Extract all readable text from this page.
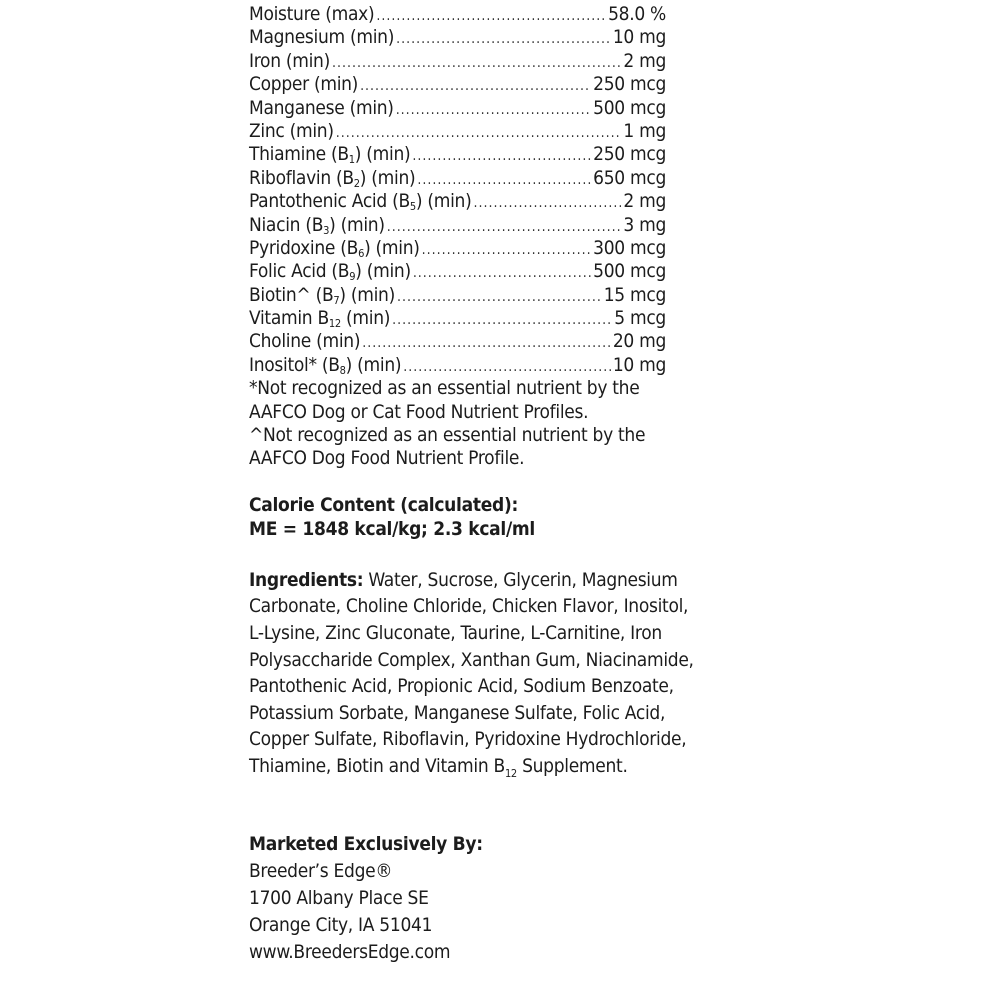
Moisture (max) .....	58.0 %
Magnesium (min) .....	10 mg
Iron (min) .....	2 mg
Copper (min) .....	250 mcg
Manganese (min) .....	500 mcg
Zinc (min) .....	1 mg
Thiamine $(B_1)$ (min) .....	250 mcg
Riboflavin $(B_2)$ (min) .....	650 mcg
Pantothenic Acid $(B_5)$ (min) .....	2 mg
Niacin $(B_3)$ (min) .....	3 mg
Pyridoxine $(B_6)$ (min) .....	300 mcg
Folic Acid $(B_9)$ (min) .....	500 mcg
Biotin^ $(B_7)$ (min) .....	15 mcg
Vitamin $B_{12}$ (min) .....	5 mcg
Choline (min) .....	20 mg
Inositol* $(B_8)$ (min) .....	10 mg
*Not recognized as an essential nutrient by the AAFCO Dog or Cat Food Nutrient Profiles.
^Not recognized as an essential nutrient by the AAFCO Dog Food Nutrient Profile.
Calorie Content (calculated):
ME = 1848 kcal/kg; 2.3 kcal/ml
Ingredients: Water, Sucrose, Glycerin, Magnesium Carbonate, Choline Chloride, Chicken Flavor, Inositol, L-Lysine, Zinc Gluconate, Taurine, L-Carnitine, Iron Polysaccharide Complex, Xanthan Gum, Niacinamide, Pantothenic Acid, Propionic Acid, Sodium Benzoate, Potassium Sorbate, Manganese Sulfate, Folic Acid, Copper Sulfate, Riboflavin, Pyridoxine Hydrochloride, Thiamine, Biotin and Vitamin $B_{12}$ Supplement.
Marketed Exclusively By:
Breeder’s Edge®
1700 Albany Place SE
Orange City, IA 51041
www.BreedersEdge.com
